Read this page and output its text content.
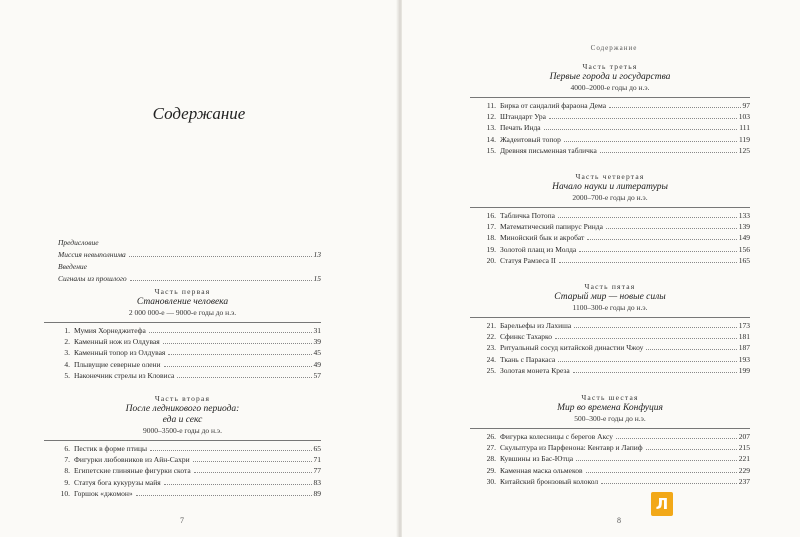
Содержание
Предисловие
Миссия невыполнима	13
Введение
Сигналы из прошлого	15
Часть первая
Становление человека
2 000 000-е — 9000-е годы до н.э.
1. Мумия Хорнеджитефа	31
2. Каменный нож из Олдувая	39
3. Каменный топор из Олдувая	45
4. Плывущие северные олени	49
5. Наконечник стрелы из Кловиса	57
Часть вторая
После ледникового периода:
еда и секс
9000–3500-е годы до н.э.
6. Пестик в форме птицы	65
7. Фигурки любовников из Айн-Сахри	71
8. Египетские глиняные фигурки скота	77
9. Статуя бога кукурузы майя	83
10. Горшок «джомон»	89
7
Содержание
Часть третья
Первые города и государства
4000–2000-е годы до н.э.
11. Бирка от сандалий фараона Дема	97
12. Штандарт Ура	103
13. Печать Инда	111
14. Жадеитовый топор	119
15. Древняя письменная табличка	125
Часть четвертая
Начало науки и литературы
2000–700-е годы до н.э.
16. Табличка Потопа	133
17. Математический папирус Ринда	139
18. Минойский бык и акробат	149
19. Золотой плащ из Молда	156
20. Статуя Рамзеса II	165
Часть пятая
Старый мир — новые силы
1100–300-е годы до н.э.
21. Барельефы из Лахиша	173
22. Сфинкс Тахарко	181
23. Ритуальный сосуд китайской династии Чжоу	187
24. Ткань с Паракаса	193
25. Золотая монета Креза	199
Часть шестая
Мир во времена Конфуция
500–300-е годы до н.э.
26. Фигурка колесницы с берегов Аксу	207
27. Скульптура из Парфенона: Кентавр и Лапиф	215
28. Кувшины из Бас-Ютца	221
29. Каменная маска ольмеков	229
30. Китайский бронзовый колокол	237
8
Л
